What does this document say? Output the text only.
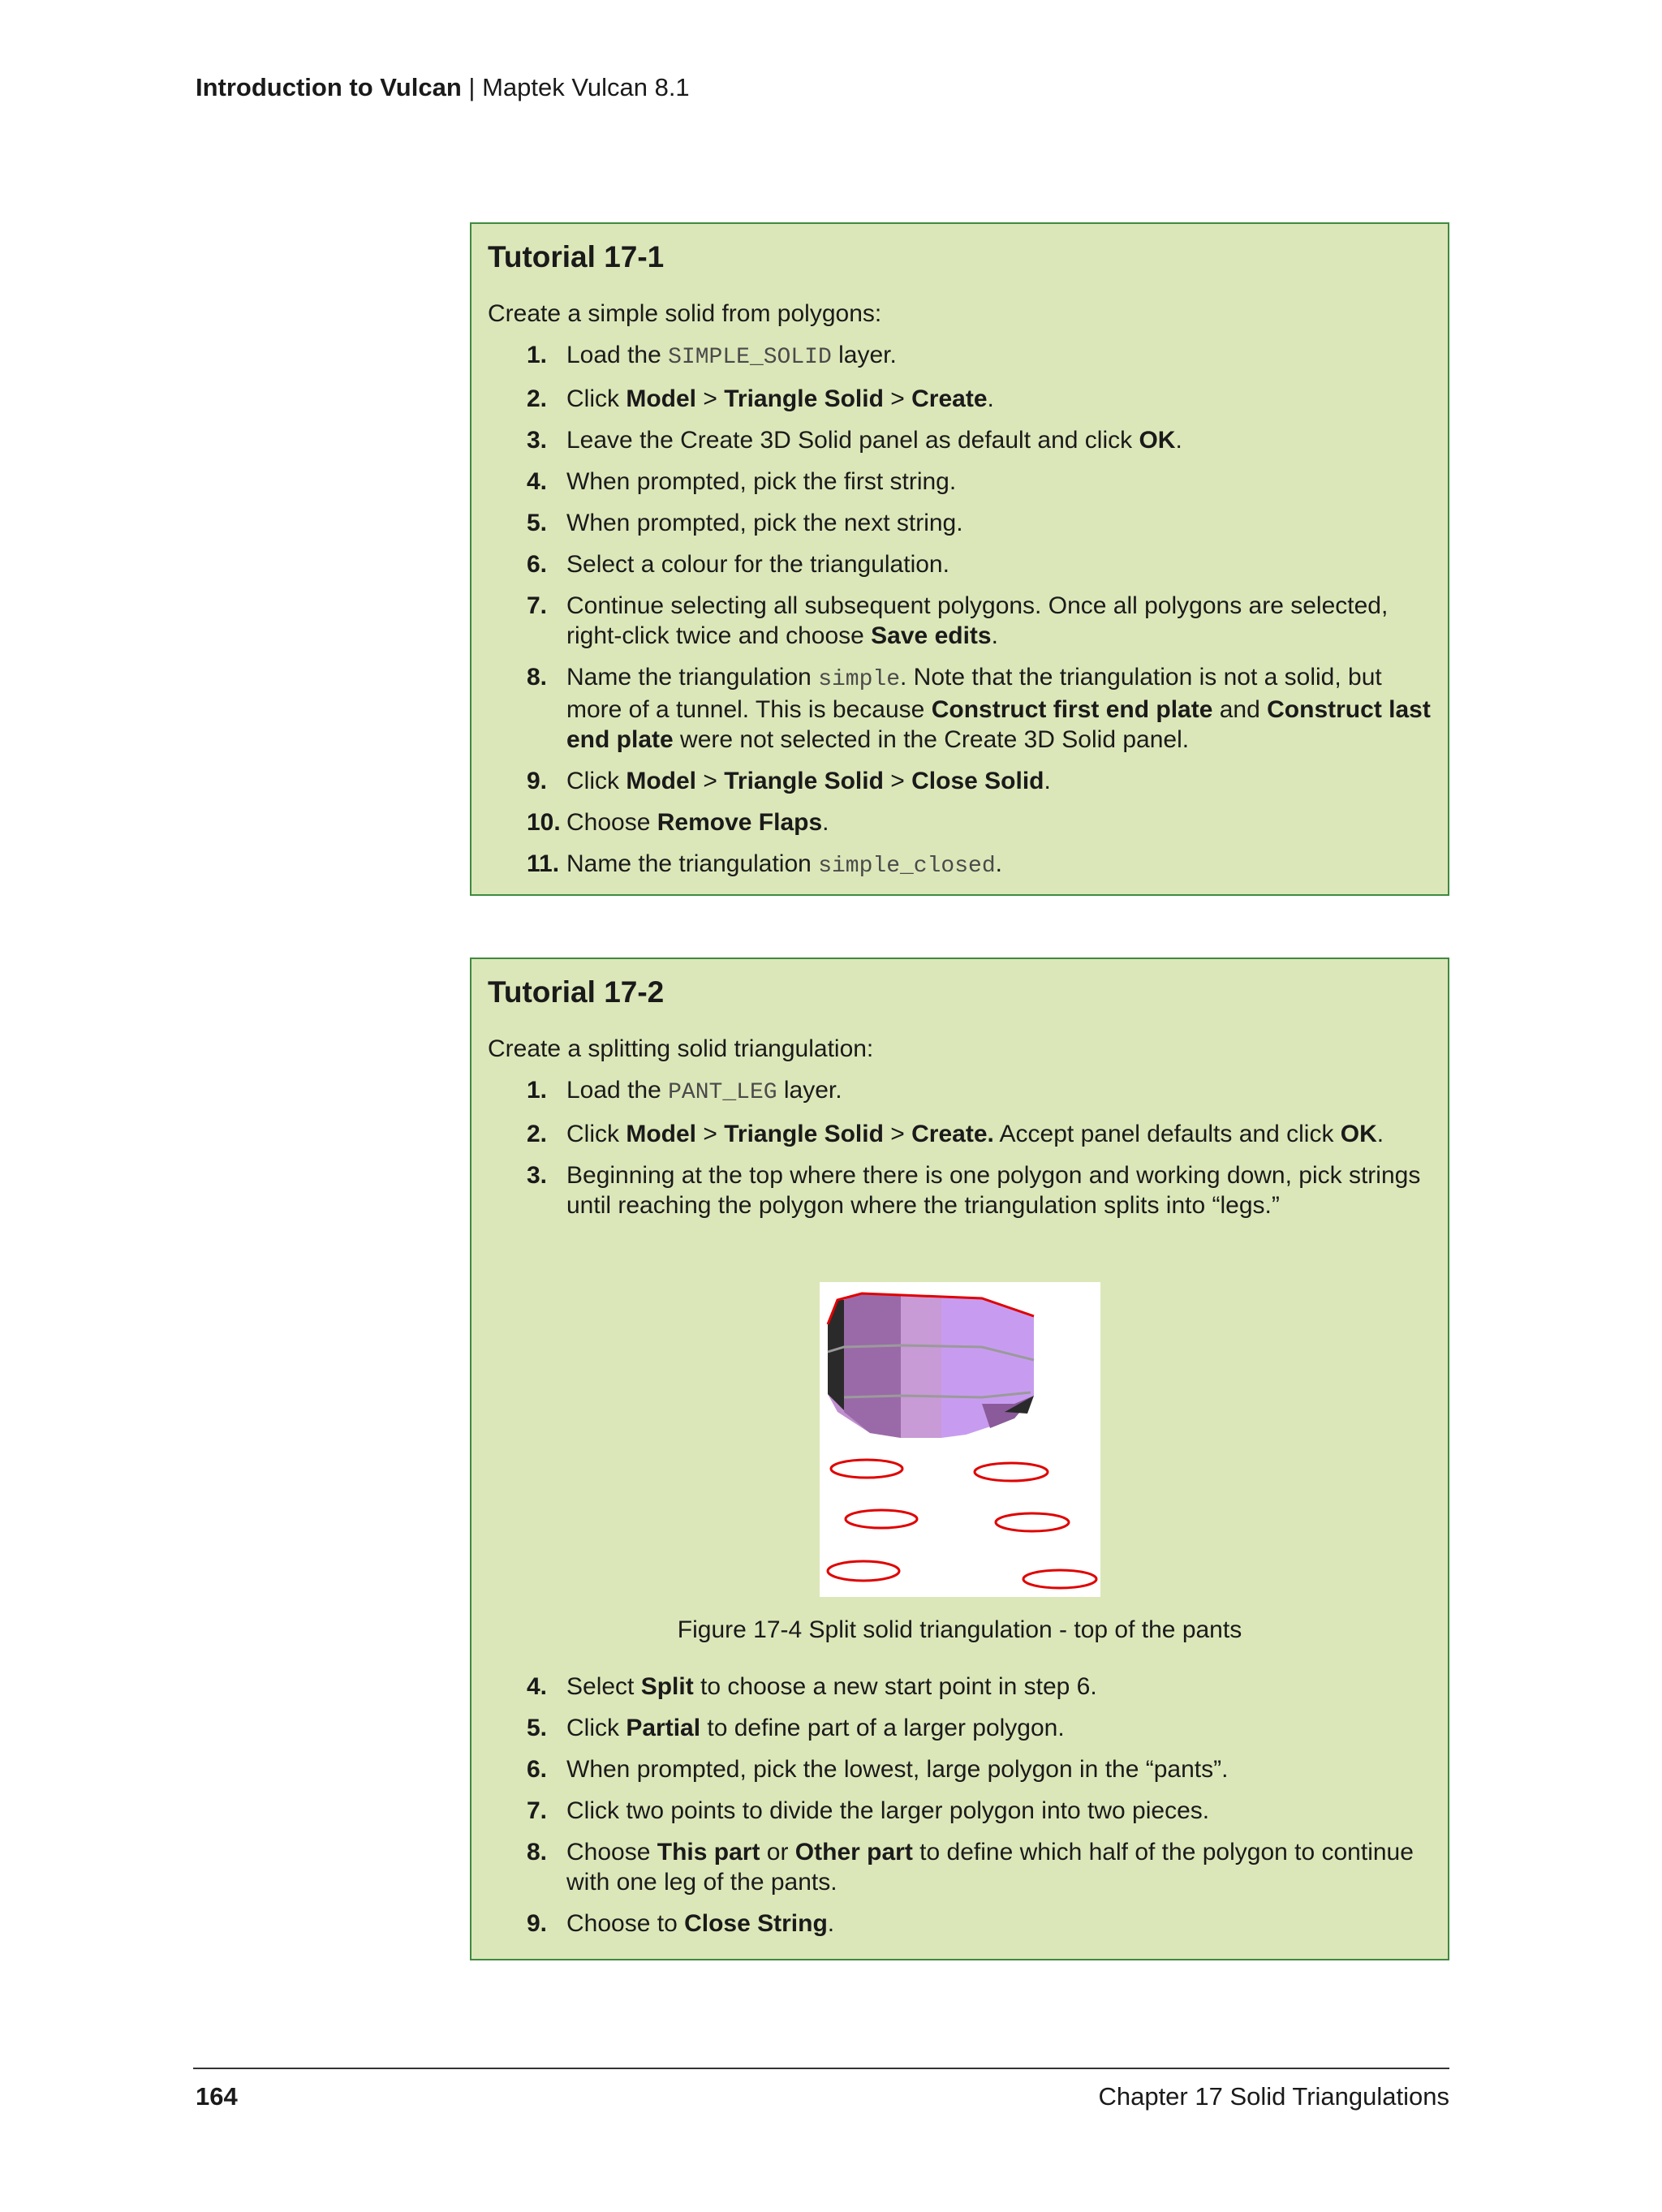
Introduction to Vulcan | Maptek Vulcan 8.1
Tutorial 17-1
Create a simple solid from polygons:
1. Load the SIMPLE_SOLID layer.
2. Click Model > Triangle Solid > Create.
3. Leave the Create 3D Solid panel as default and click OK.
4. When prompted, pick the first string.
5. When prompted, pick the next string.
6. Select a colour for the triangulation.
7. Continue selecting all subsequent polygons. Once all polygons are selected, right-click twice and choose Save edits.
8. Name the triangulation simple. Note that the triangulation is not a solid, but more of a tunnel. This is because Construct first end plate and Construct last end plate were not selected in the Create 3D Solid panel.
9. Click Model > Triangle Solid > Close Solid.
10. Choose Remove Flaps.
11. Name the triangulation simple_closed.
Tutorial 17-2
Create a splitting solid triangulation:
1. Load the PANT_LEG layer.
2. Click Model > Triangle Solid > Create. Accept panel defaults and click OK.
3. Beginning at the top where there is one polygon and working down, pick strings until reaching the polygon where the triangulation splits into “legs.”
Figure 17-4 Split solid triangulation - top of the pants
4. Select Split to choose a new start point in step 6.
5. Click Partial to define part of a larger polygon.
6. When prompted, pick the lowest, large polygon in the “pants”.
7. Click two points to divide the larger polygon into two pieces.
8. Choose This part or Other part to define which half of the polygon to continue with one leg of the pants.
9. Choose to Close String.
164	Chapter 17 Solid Triangulations
